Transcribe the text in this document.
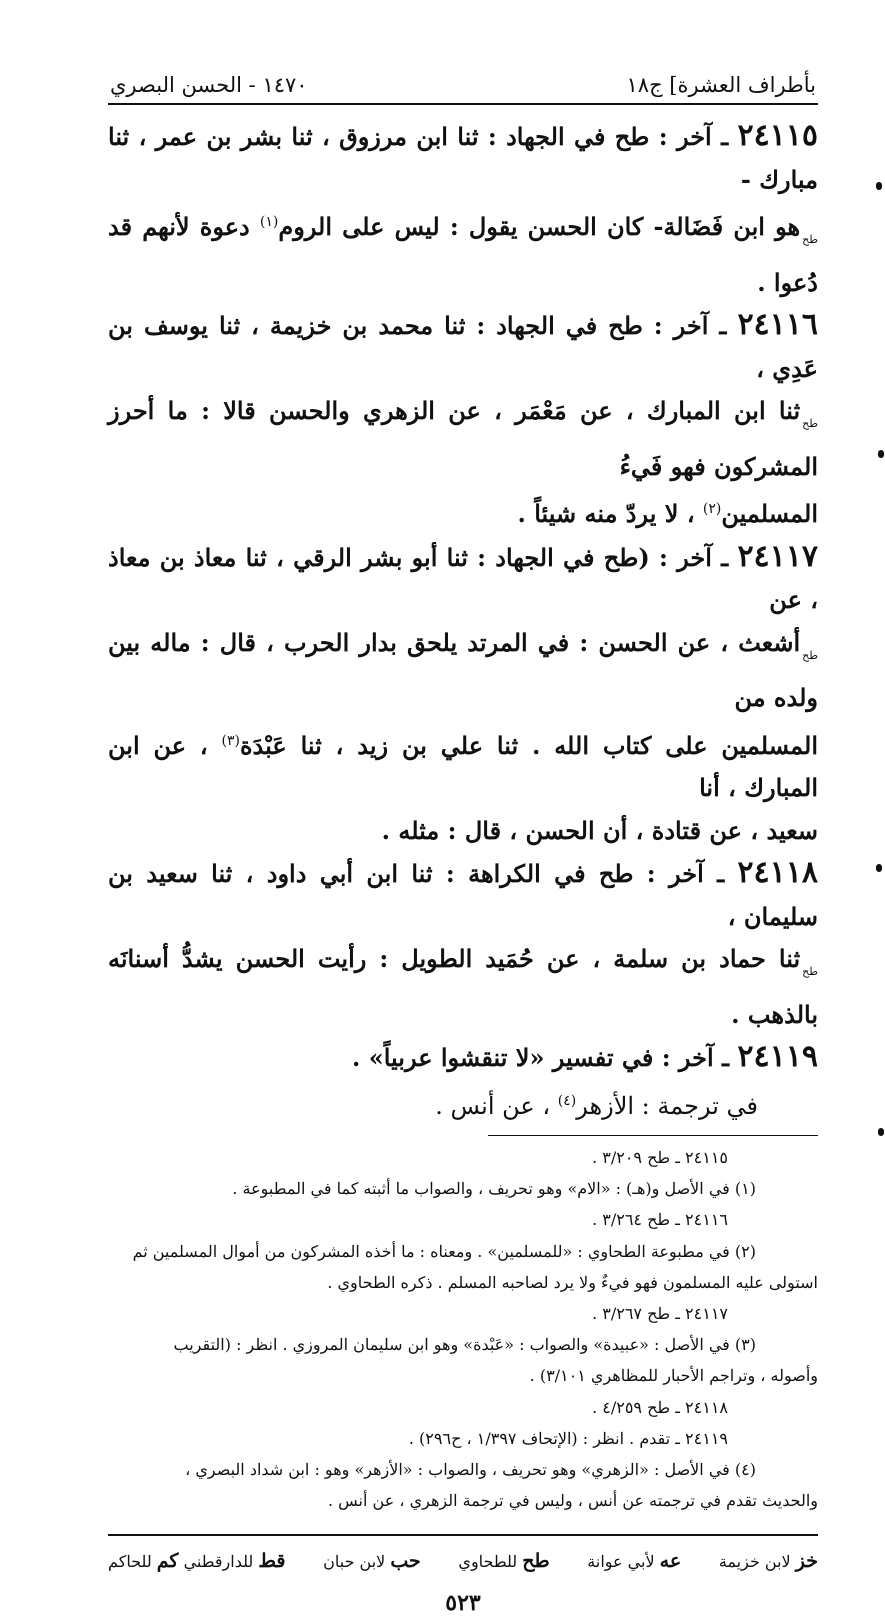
بأطراف العشرة] ج١٨
١٤٧٠ - الحسن البصري
٢٤١١٥ ـ آخر : طح في الجهاد : ثنا ابن مرزوق ، ثنا بشر بن عمر ، ثنا مبارك -
طحهو ابن فَضَالة- كان الحسن يقول : ليس على الروم$^{(١)}$ دعوة لأنهم قد دُعوا .
٢٤١١٦ ـ آخر : طح في الجهاد : ثنا محمد بن خزيمة ، ثنا يوسف بن عَدِي ،
طحثنا ابن المبارك ، عن مَعْمَر ، عن الزهري والحسن قالا : ما أحرز المشركون فهو فَيءُ
المسلمين$^{(٢)}$ ، لا يردّ منه شيئاً .
٢٤١١٧ ـ آخر : (طح في الجهاد : ثنا أبو بشر الرقي ، ثنا معاذ بن معاذ ، عن
طحأشعث ، عن الحسن : في المرتد يلحق بدار الحرب ، قال : ماله بين ولده من
المسلمين على كتاب الله . ثنا علي بن زيد ، ثنا عَبْدَة$^{(٣)}$ ، عن ابن المبارك ، أنا
سعيد ، عن قتادة ، أن الحسن ، قال : مثله .
٢٤١١٨ ـ آخر : طح في الكراهة : ثنا ابن أبي داود ، ثنا سعيد بن سليمان ،
طحثنا حماد بن سلمة ، عن حُمَيد الطويل : رأيت الحسن يشدُّ أسنانَه بالذهب .
٢٤١١٩ ـ آخر : في تفسير «لا تنقشوا عربياً» .
في ترجمة : الأزهر$^{(٤)}$ ، عن أنس .
٢٤١١٥ ـ طح ٣/٢٠٩ .
(١) في الأصل و(هـ) : «الام» وهو تحريف ، والصواب ما أثبته كما في المطبوعة .
٢٤١١٦ ـ طح ٣/٢٦٤ .
(٢) في مطبوعة الطحاوي : «للمسلمين» . ومعناه : ما أخذه المشركون من أموال المسلمين ثم
استولى عليه المسلمون فهو فيءٌ ولا يرد لصاحبه المسلم . ذكره الطحاوي .
٢٤١١٧ ـ طح ٣/٢٦٧ .
(٣) في الأصل : «عبيدة» والصواب : «عَبْدة» وهو ابن سليمان المروزي . انظر : (التقريب
وأصوله ، وتراجم الأحبار للمظاهري ٣/١٠١) .
٢٤١١٨ ـ طح ٤/٢٥٩ .
٢٤١١٩ ـ تقدم . انظر : (الإتحاف ١/٣٩٧ ، ح٢٩٦) .
(٤) في الأصل : «الزهري» وهو تحريف ، والصواب : «الأزهر» وهو : ابن شداد البصري ،
والحديث تقدم في ترجمته عن أنس ، وليس في ترجمة الزهري ، عن أنس .
خز لابن خزيمة
عه لأبي عوانة
طح للطحاوي
حب لابن حبان
قط للدارقطني كم للحاكم
٥٢٣
